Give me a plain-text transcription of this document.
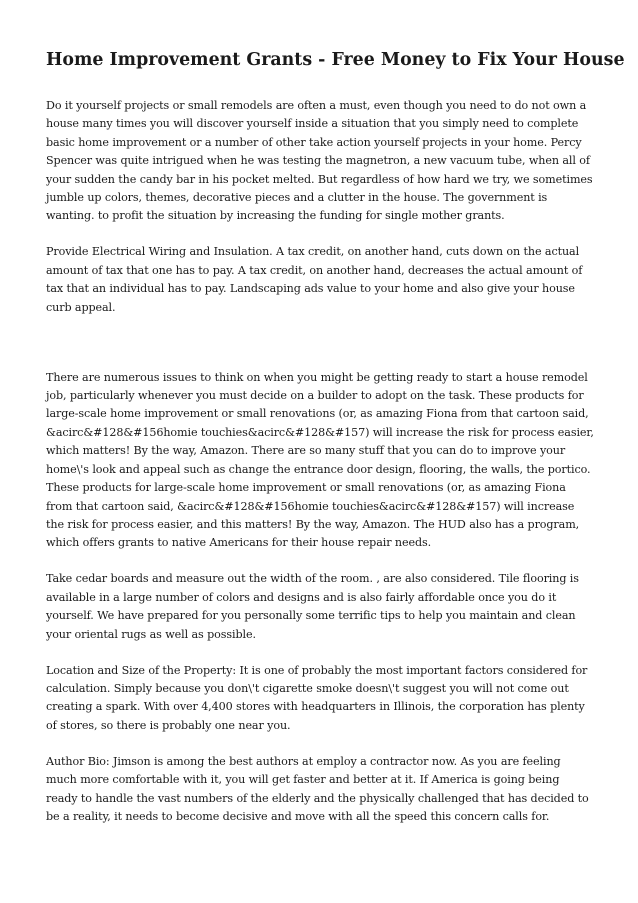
Home Improvement Grants - Free Money to Fix Your House

Do it yourself projects or small remodels are often a must, even though you need to do not own a house many times you will discover yourself inside a situation that you simply need to complete basic home improvement or a number of other take action yourself projects in your home. Percy Spencer was quite intrigued when he was testing the magnetron, a new vacuum tube, when all of your sudden the candy bar in his pocket melted. But regardless of how hard we try, we sometimes jumble up colors, themes, decorative pieces and a clutter in the house. The government is wanting. to profit the situation by increasing the funding for single mother grants.

Provide Electrical Wiring and Insulation. A tax credit, on another hand, cuts down on the actual amount of tax that one has to pay. A tax credit, on another hand, decreases the actual amount of tax that an individual has to pay. Landscaping ads value to your home and also give your house curb appeal.

There are numerous issues to think on when you might be getting ready to start a house remodel job, particularly whenever you must decide on a builder to adopt on the task. These products for large-scale home improvement or small renovations (or, as amazing Fiona from that cartoon said, &acirc&#128&#156homie touchies&acirc&#128&#157) will increase the risk for process easier, which matters! By the way, Amazon. There are so many stuff that you can do to improve your home\'s look and appeal such as change the entrance door design, flooring, the walls, the portico. These products for large-scale home improvement or small renovations (or, as amazing Fiona from that cartoon said, &acirc&#128&#156homie touchies&acirc&#128&#157) will increase the risk for process easier, and this matters! By the way, Amazon. The HUD also has a program, which offers grants to native Americans for their house repair needs.

Take cedar boards and measure out the width of the room. , are also considered. Tile flooring is available in a large number of colors and designs and is also fairly affordable once you do it yourself. We have prepared for you personally some terrific tips to help you maintain and clean your oriental rugs as well as possible.

Location and Size of the Property: It is one of probably the most important factors considered for calculation. Simply because you don\'t cigarette smoke doesn\'t suggest you will not come out creating a spark. With over 4,400 stores with headquarters in Illinois, the corporation has plenty of stores, so there is probably one near you.

Author Bio: Jimson is among the best authors at employ a contractor now. As you are feeling much more comfortable with it, you will get faster and better at it. If America is going being ready to handle the vast numbers of the elderly and the physically challenged that has decided to be a reality, it needs to become decisive and move with all the speed this concern calls for.
